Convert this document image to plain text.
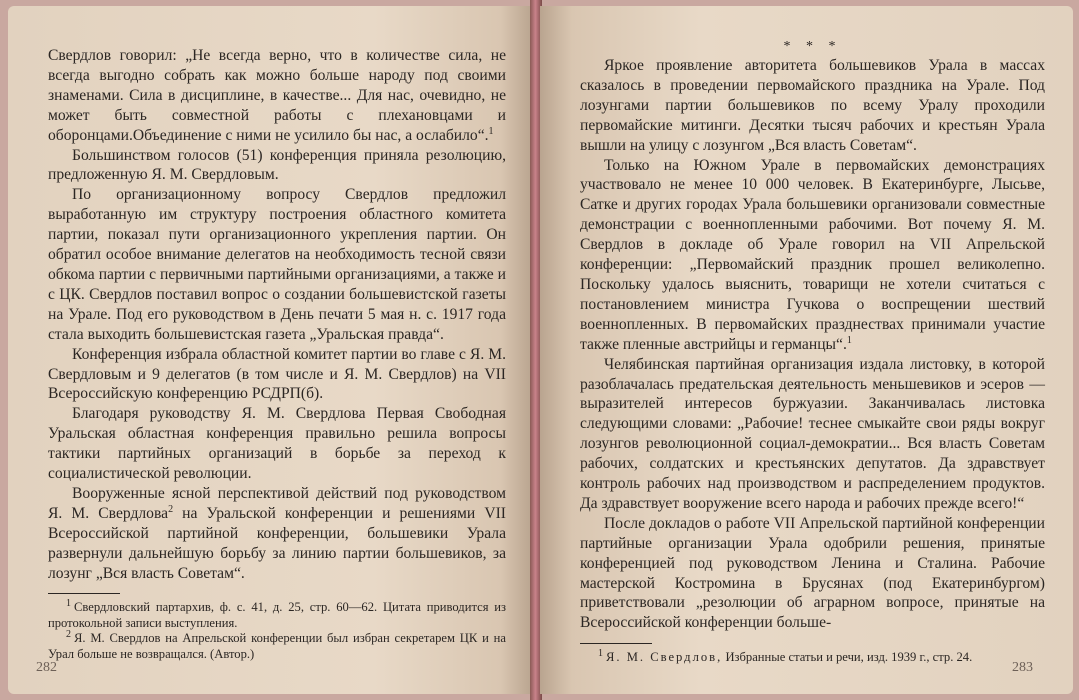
Свердлов говорил: „Не всегда верно, что в количестве сила, не всегда выгодно собрать как можно больше народу под своими знаменами. Сила в дисциплине, в качестве... Для нас, очевидно, не может быть совместной работы с плехановцами и оборонцами.Объединение с ними не усилило бы нас, а ослабило“.$^1$

Большинством голосов (51) конференция приняла резолюцию, предложенную Я. М. Свердловым.

По организационному вопросу Свердлов предложил выработанную им структуру построения областного комитета партии, показал пути организационного укрепления партии. Он обратил особое внимание делегатов на необходимость тесной связи обкома партии с первичными партийными организациями, а также и с ЦК. Свердлов поставил вопрос о создании большевистской газеты на Урале. Под его руководством в День печати 5 мая н. с. 1917 года стала выходить большевистская газета „Уральская правда“.

Конференция избрала областной комитет партии во главе с Я. М. Свердловым и 9 делегатов (в том числе и Я. М. Свердлов) на VII Всероссийскую конференцию РСДРП(б).

Благодаря руководству Я. М. Свердлова Первая Свободная Уральская областная конференция правильно решила вопросы тактики партийных организаций в борьбе за переход к социалистической революции.

Вооруженные ясной перспективой действий под руководством Я. М. Свердлова$^2$ на Уральской конференции и решениями VII Всероссийской партийной конференции, большевики Урала развернули дальнейшую борьбу за линию партии большевиков, за лозунг „Вся власть Советам“.

$^1$ Свердловский партархив, ф. с. 41, д. 25, стр. 60—62. Цитата приводится из протокольной записи выступления.

$^2$ Я. М. Свердлов на Апрельской конференции был избран секретарем ЦК и на Урал больше не возвращался. (Автор.)

282
* * *

Яркое проявление авторитета большевиков Урала в массах сказалось в проведении первомайского праздника на Урале. Под лозунгами партии большевиков по всему Уралу проходили первомайские митинги. Десятки тысяч рабочих и крестьян Урала вышли на улицу с лозунгом „Вся власть Советам“.

Только на Южном Урале в первомайских демонстрациях участвовало не менее 10 000 человек. В Екатеринбурге, Лысьве, Сатке и других городах Урала большевики организовали совместные демонстрации с военнопленными рабочими. Вот почему Я. М. Свердлов в докладе об Урале говорил на VII Апрельской конференции: „Первомайский праздник прошел великолепно. Поскольку удалось выяснить, товарищи не хотели считаться с постановлением министра Гучкова о воспрещении шествий военнопленных. В первомайских празднествах принимали участие также пленные австрийцы и германцы“.$^1$

Челябинская партийная организация издала листовку, в которой разоблачалась предательская деятельность меньшевиков и эсеров — выразителей интересов буржуазии. Заканчивалась листовка следующими словами: „Рабочие! теснее смыкайте свои ряды вокруг лозунгов революционной социал-демократии... Вся власть Советам рабочих, солдатских и крестьянских депутатов. Да здравствует контроль рабочих над производством и распределением продуктов. Да здравствует вооружение всего народа и рабочих прежде всего!“

После докладов о работе VII Апрельской партийной конференции партийные организации Урала одобрили решения, принятые конференцией под руководством Ленина и Сталина. Рабочие мастерской Костромина в Брусянах (под Екатеринбургом) приветствовали „резолюции об аграрном вопросе, принятые на Всероссийской конференции больше-

$^1$ Я. М. Свердлов, Избранные статьи и речи, изд. 1939 г., стр. 24.

283
